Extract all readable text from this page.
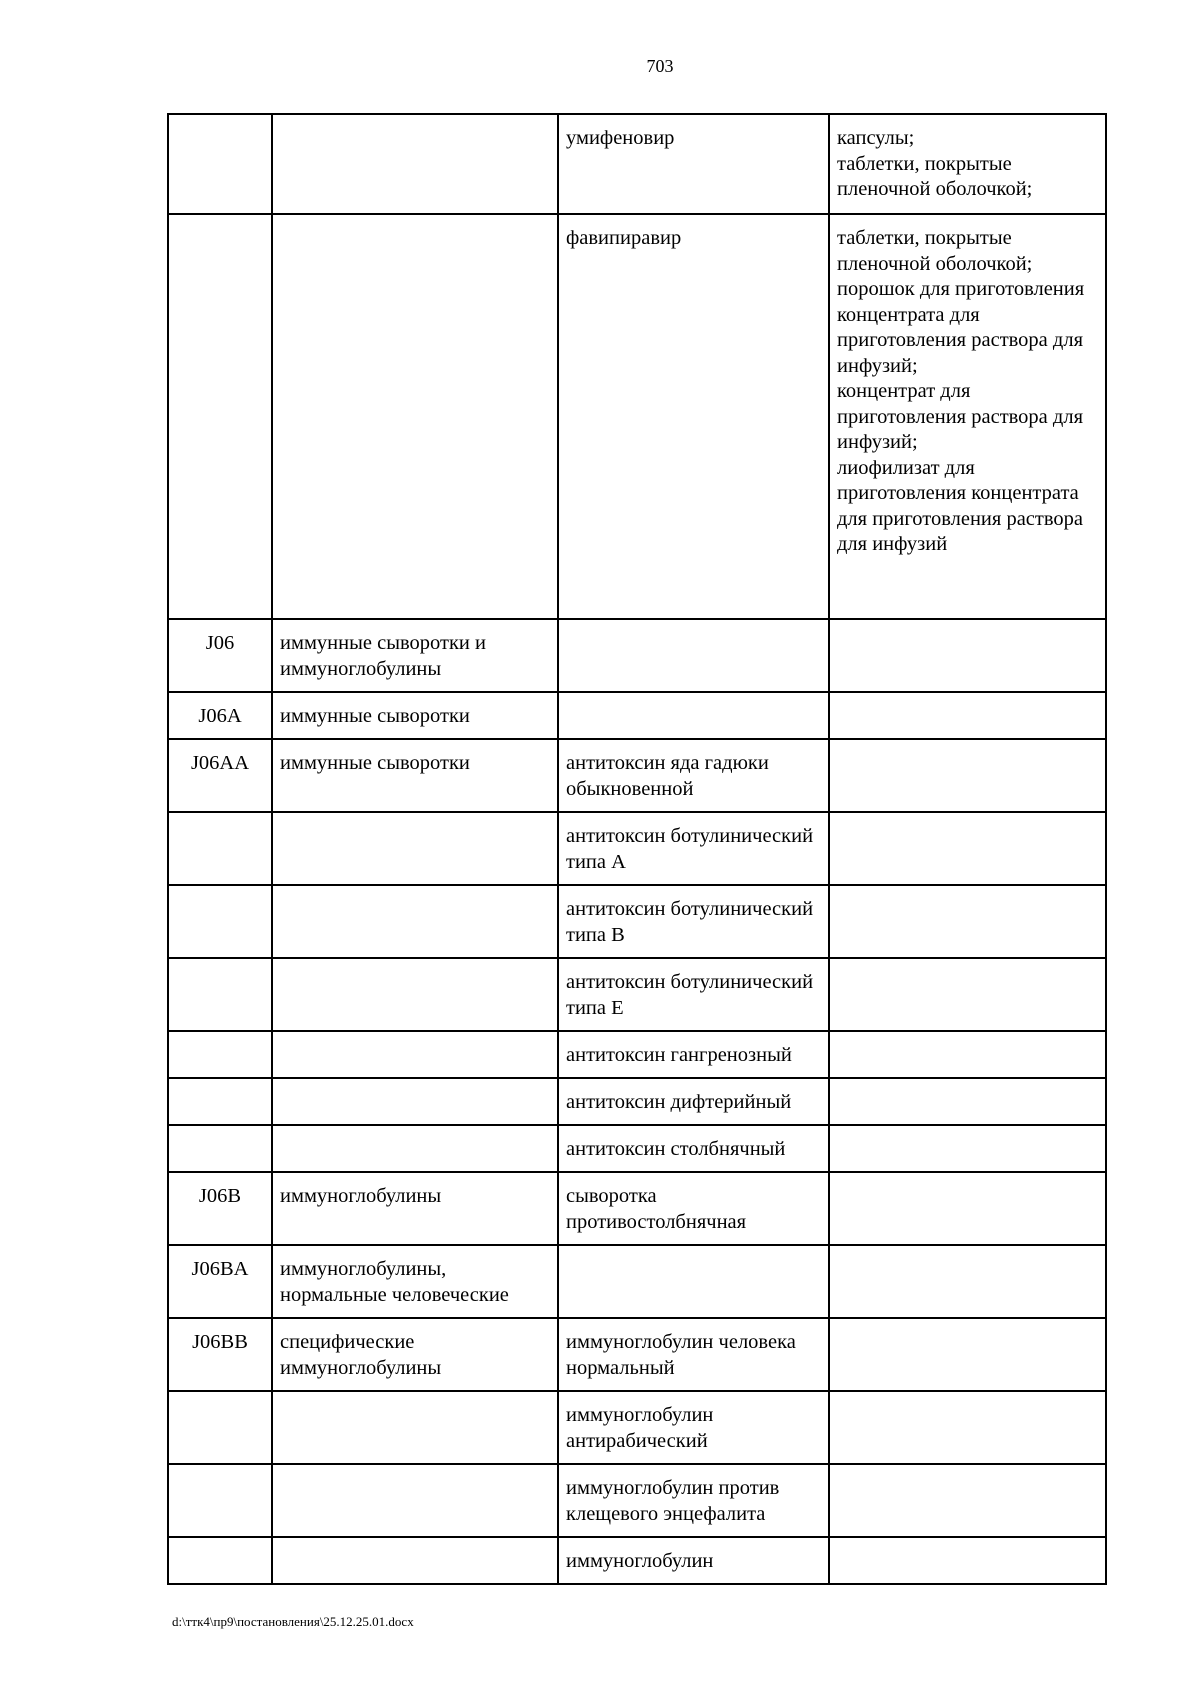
703
		умифеновир	капсулы;
таблетки, покрытые пленочной оболочкой;
		фавипиравир	таблетки, покрытые пленочной оболочкой;
порошок для приготовления концентрата для приготовления раствора для инфузий;
концентрат для приготовления раствора для инфузий;
лиофилизат для приготовления концентрата для приготовления раствора для инфузий
J06	иммунные сыворотки и иммуноглобулины		
J06A	иммунные сыворотки		
J06AA	иммунные сыворотки	антитоксин яда гадюки обыкновенной	
		антитоксин ботулинический типа A	
		антитоксин ботулинический типа B	
		антитоксин ботулинический типа E	
		антитоксин гангренозный	
		антитоксин дифтерийный	
		антитоксин столбнячный	
J06B	иммуноглобулины	сыворотка противостолбнячная	
J06BA	иммуноглобулины, нормальные человеческие		
J06BB	специфические иммуноглобулины	иммуноглобулин человека нормальный	
		иммуноглобулин антирабический	
		иммуноглобулин против клещевого энцефалита	
		иммуноглобулин	
d:\ттк4\пр9\постановления\25.12.25.01.docx
